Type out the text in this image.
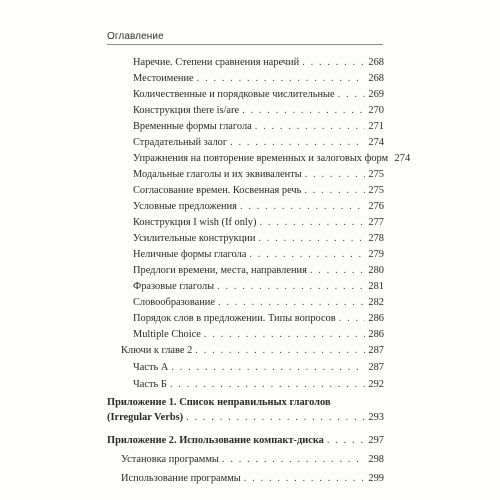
Оглавление
Наречие. Степени сравнения наречий . . .	268
Местоимение . . .	268
Количественные и порядковые числительные . . .	269
Конструкция there is/are . . .	270
Временные формы глагола . . .	271
Страдательный залог . . .	274
Упражнения на повторение временных и залоговых форм 274
Модальные глаголы и их эквиваленты . . .	275
Согласование времен. Косвенная речь . . .	275
Условные предложения . . .	276
Конструкция I wish (If only) . . .	277
Усилительные конструкции . . .	278
Неличные формы глагола . . .	279
Предлоги времени, места, направления . . .	280
Фразовые глаголы . . .	281
Словообразование . . .	282
Порядок слов в предложении. Типы вопросов . . .	286
Multiple Choice . . .	286
Ключи к главе 2 . . .	287
Часть А . . .	287
Часть Б . . .	292
Приложение 1. Список неправильных глаголов
(Irregular Verbs) . . .	293
Приложение 2. Использование компакт-диска . . .	297
Установка программы . . .	298
Использование программы . . .	299
